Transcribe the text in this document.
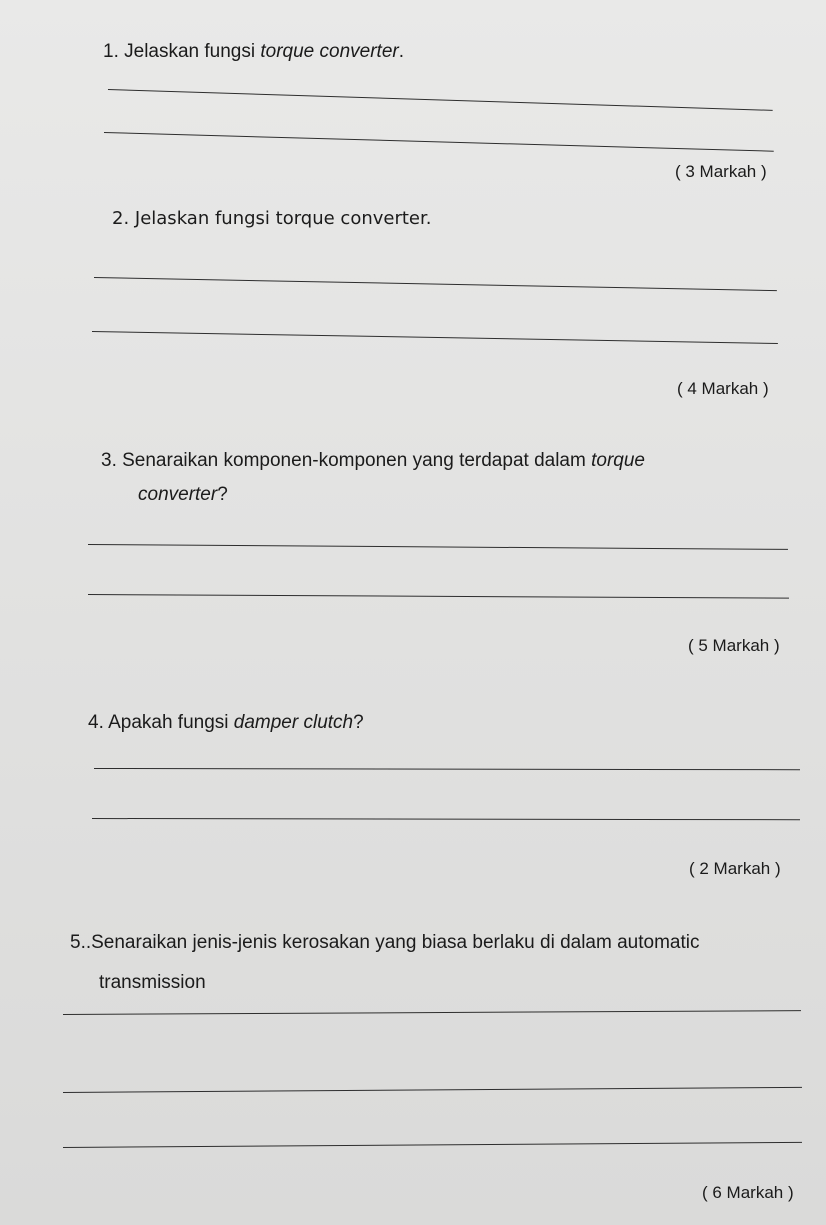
1. Jelaskan fungsi torque converter.
( 3 Markah )
2. Jelaskan fungsi torque converter.
( 4 Markah )
3. Senaraikan komponen-komponen yang terdapat dalam torque
converter?
( 5 Markah )
4. Apakah fungsi damper clutch?
( 2 Markah )
5..Senaraikan jenis-jenis kerosakan yang biasa berlaku di dalam automatic
transmission
( 6 Markah )
